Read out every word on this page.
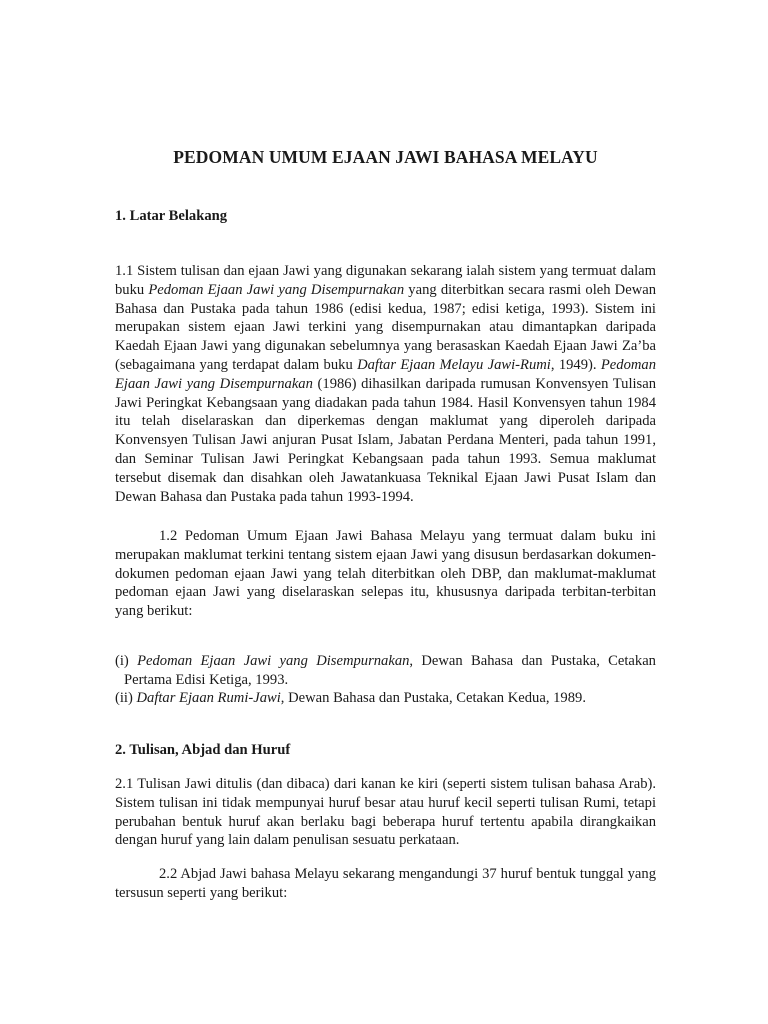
PEDOMAN UMUM EJAAN JAWI BAHASA MELAYU
1. Latar Belakang

1.1 Sistem tulisan dan ejaan Jawi yang digunakan sekarang ialah sistem yang termuat dalam buku Pedoman Ejaan Jawi yang Disempurnakan yang diterbitkan secara rasmi oleh Dewan Bahasa dan Pustaka pada tahun 1986 (edisi kedua, 1987; edisi ketiga, 1993). Sistem ini merupakan sistem ejaan Jawi terkini yang disempurnakan atau dimantapkan daripada Kaedah Ejaan Jawi yang digunakan sebelumnya yang berasaskan Kaedah Ejaan Jawi Za’ba (sebagaimana yang terdapat dalam buku Daftar Ejaan Melayu Jawi-Rumi, 1949). Pedoman Ejaan Jawi yang Disempurnakan (1986) dihasilkan daripada rumusan Konvensyen Tulisan Jawi Peringkat Kebangsaan yang diadakan pada tahun 1984. Hasil Konvensyen tahun 1984 itu telah diselaraskan dan diperkemas dengan maklumat yang diperoleh daripada Konvensyen Tulisan Jawi anjuran Pusat Islam, Jabatan Perdana Menteri, pada tahun 1991, dan Seminar Tulisan Jawi Peringkat Kebangsaan pada tahun 1993. Semua maklumat tersebut disemak dan disahkan oleh Jawatankuasa Teknikal Ejaan Jawi Pusat Islam dan Dewan Bahasa dan Pustaka pada tahun 1993-1994.

1.2 Pedoman Umum Ejaan Jawi Bahasa Melayu yang termuat dalam buku ini merupakan maklumat terkini tentang sistem ejaan Jawi yang disusun berdasarkan dokumen-dokumen pedoman ejaan Jawi yang telah diterbitkan oleh DBP, dan maklumat-maklumat pedoman ejaan Jawi yang diselaraskan selepas itu, khususnya daripada terbitan-terbitan yang berikut:

(i) Pedoman Ejaan Jawi yang Disempurnakan, Dewan Bahasa dan Pustaka, Cetakan Pertama Edisi Ketiga, 1993.

(ii) Daftar Ejaan Rumi-Jawi, Dewan Bahasa dan Pustaka, Cetakan Kedua, 1989.

2. Tulisan, Abjad dan Huruf

2.1 Tulisan Jawi ditulis (dan dibaca) dari kanan ke kiri (seperti sistem tulisan bahasa Arab). Sistem tulisan ini tidak mempunyai huruf besar atau huruf kecil seperti tulisan Rumi, tetapi perubahan bentuk huruf akan berlaku bagi beberapa huruf tertentu apabila dirangkaikan dengan huruf yang lain dalam penulisan sesuatu perkataan.

2.2 Abjad Jawi bahasa Melayu sekarang mengandungi 37 huruf bentuk tunggal yang tersusun seperti yang berikut:
